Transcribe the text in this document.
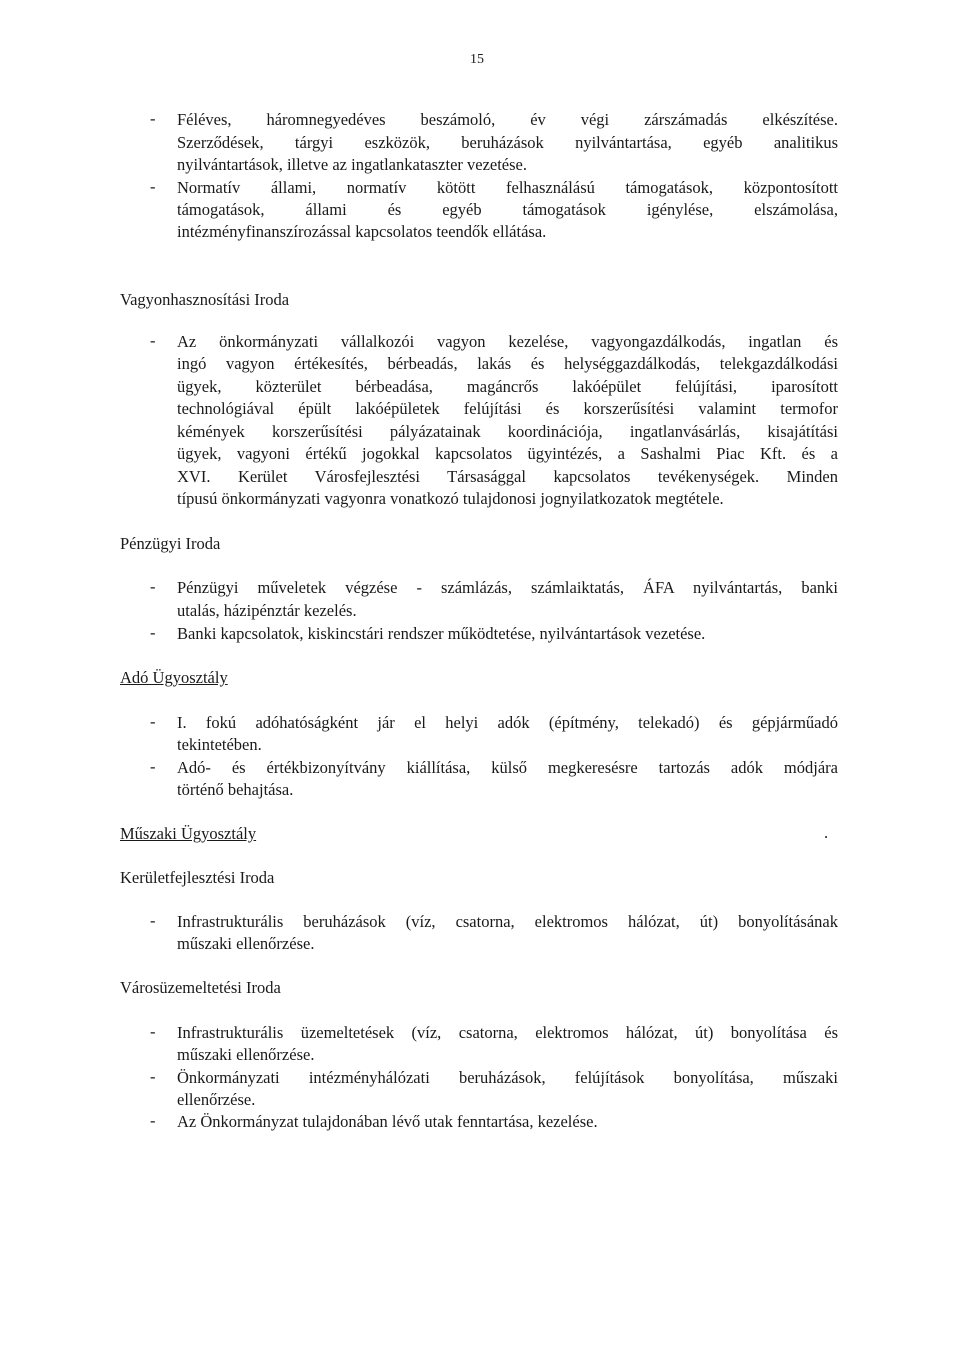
15
-	Féléves, háromnegyedéves beszámoló, év végi zárszámadás elkészítése.
Szerződések, tárgyi eszközök, beruházások nyilvántartása, egyéb analitikus
nyilvántartások, illetve az ingatlankataszter vezetése.
-	Normatív állami, normatív kötött felhasználású támogatások, központosított
támogatások, állami és egyéb támogatások igénylése, elszámolása,
intézményfinanszírozással kapcsolatos teendők ellátása.
Vagyonhasznosítási Iroda
-	Az önkormányzati vállalkozói vagyon kezelése, vagyongazdálkodás, ingatlan és
ingó vagyon értékesítés, bérbeadás, lakás és helységgazdálkodás, telekgazdálkodási
ügyek, közterület bérbeadása, magáncrős lakóépület felújítási, iparosított
technológiával épült lakóépületek felújítási és korszerűsítési valamint termofor
kémények korszerűsítési pályázatainak koordinációja, ingatlanvásárlás, kisajátítási
ügyek, vagyoni értékű jogokkal kapcsolatos ügyintézés, a Sashalmi Piac Kft. és a
XVI. Kerület Városfejlesztési Társasággal kapcsolatos tevékenységek. Minden
típusú önkormányzati vagyonra vonatkozó tulajdonosi jognyilatkozatok megtétele.
Pénzügyi Iroda
-	Pénzügyi műveletek végzése - számlázás, számlaiktatás, ÁFA nyilvántartás, banki
utalás, házipénztár kezelés.
-	Banki kapcsolatok, kiskincstári rendszer működtetése, nyilvántartások vezetése.
Adó Ügyosztály
-	I. fokú adóhatóságként jár el helyi adók (építmény, telekadó) és gépjárműadó
tekintetében.
-	Adó- és értékbizonyítvány kiállítása, külső megkeresésre tartozás adók módjára
történő behajtása.
Műszaki Ügyosztály	.
Kerületfejlesztési Iroda
-	Infrastrukturális beruházások (víz, csatorna, elektromos hálózat, út) bonyolításának
műszaki ellenőrzése.
Városüzemeltetési Iroda
-	Infrastrukturális üzemeltetések (víz, csatorna, elektromos hálózat, út) bonyolítása és
műszaki ellenőrzése.
-	Önkormányzati intézményhálózati beruházások, felújítások bonyolítása, műszaki
ellenőrzése.
-	Az Önkormányzat tulajdonában lévő utak fenntartása, kezelése.
